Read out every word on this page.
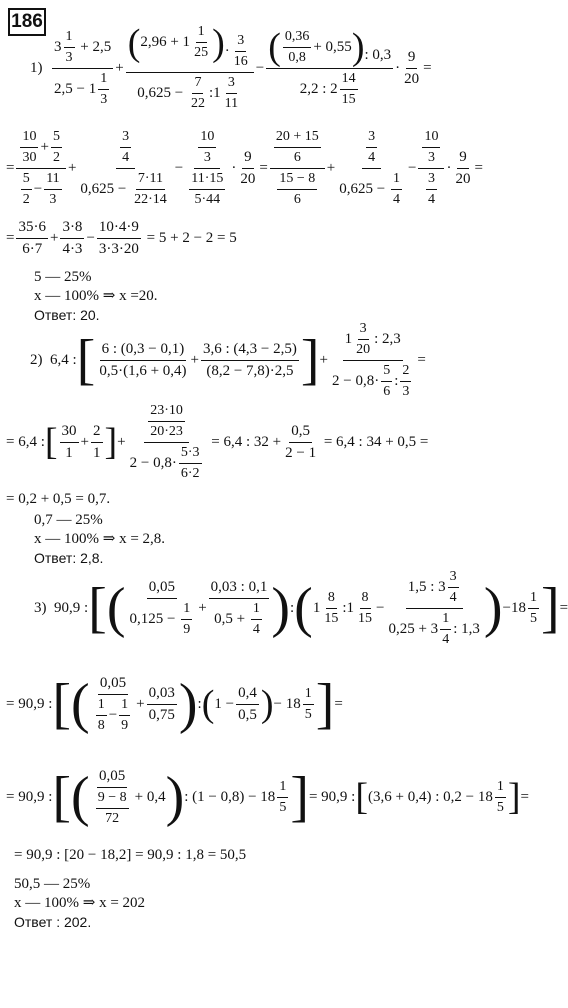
186
1)
$3 \frac{1}{3} + 2,5$
$2,5 - 1 \frac{1}{3}$
+ ( 2,96 + 1
1
25 ) · $\frac{3}{16}$
$0,625 - \frac{7}{22}$ :1 $\frac{3}{11}$ − ( 0,36
0,8
+ 0,55 ) : 0,3
2,2 : $2 \frac{14}{15} \cdot \frac{9}{20}$ =
= $\frac{\frac{10}{30} + \frac{5}{2}}{\frac{5}{2} - \frac{11}{3}} + \frac{\frac{3}{4}}{0,625 - \frac{7\cdot 11}{22\cdot 14}} - \frac{\frac{10}{3}}{\frac{11\cdot 15}{5\cdot 44}} \cdot \frac{9}{20} = \frac{\frac{20 + 15}{6}}{\frac{15 - 8}{6}} + \frac{\frac{3}{4}}{0,625 - \frac{1}{4}} - \frac{\frac{10}{3}}{\frac{3}{4}} \cdot \frac{9}{20}$ =
= $\frac{35\cdot 6}{6\cdot 7} + \frac{3\cdot 8}{4\cdot 3} - \frac{10\cdot 4\cdot 9}{3\cdot 3\cdot 20} = 5 + 2 - 2 = 5$
5 — 25%
x — 100% ⇒ x =20.
Ответ: 20.
2)  6,4 : [ 6 : (0,3 − 0,1)
0,5·(1,6 + 0,4)
+ $\frac{3,6 : (4,3 - 2,5)}{(8,2 - 7,8)\cdot 2,5}$ ] + $\frac{1 \frac{3}{20} : 2,3}{2 - 0,8\cdot \frac{5}{6} : \frac{2}{3}}$ =
= 6,4 : [ 30
1
+ $\frac{2}{1}$ ] + $\frac{\frac{23\cdot 10}{20\cdot 23}}{2 - 0,8\cdot \frac{5\cdot 3}{6\cdot 2}} = 6,4$ : $32 + \frac{0,5}{2 - 1} = 6,4$ : 34 + 0,5 =
= 0,2 + 0,5 = 0,7.
0,7 — 25%
x — 100% ⇒ x = 2,8.
Ответ: 2,8.
3)  90,9 : [ ( 0,05
$0,125 - \frac{1}{9} + \frac{0,03 : 0,1}{0,5 + \frac{1}{4}}$ ) : ( $1 \frac{8}{15}$ :1 $\frac{8}{15} - \frac{1,5 : 3 \frac{3}{4}}{0,25 + 3 \frac{1}{4} : 1,3}$ ) $-18 \frac{1}{5}$ ] =
= 90,9 : [ ( 0,05
$\frac{1}{8} - \frac{1}{9} + \frac{0,03}{0,75}$ ) : ( $1 - \frac{0,4}{0,5}$ ) − $18 \frac{1}{5}$ ] =
= 90,9 : [ ( 0,05
$\frac{9 - 8}{72} + 0,4$ ) : $(1 - 0,8) - 18 \frac{1}{5}$ ] = 90,9 : [ (3,6 + 0,4) : $0,2 - 18 \frac{1}{5}$ ] =
= 90,9 : [20 − 18,2] = 90,9 : 1,8 = 50,5
50,5 — 25%
x — 100% ⇒ x = 202
Ответ : 202.
1) (3⅓ + 2,5)/(2,5 − 1⅓) + ((2,96 + 1 1/25)·3/16)/(0,625 − 7/22 : 1 3/11) − ((0,36/0,8 + 0,55) : 0,3)/(2,2 : 2 14/15) · 9/20 =
= (10/30 + 5/2)/(5/2 − 11/3) + (3/4)/(0,625 − 7·11/(22·14)) − (10/3)/(11·15/(5·44)) · 9/20 = ((20 + 15)/6)/((15 − 8)/6) + (3/4)/(0,625 − 1/4) − (10/3)/(3/4) · 9/20 =
= 35·6/(6·7) + 3·8/(4·3) − 10·4·9/(3·3·20) = 5 + 2 − 2 = 5
2) 6,4 : [6 : (0,3 − 0,1)/(0,5·(1,6 + 0,4)) + 3,6 : (4,3 − 2,5)/((8,2 − 7,8)·2,5)] + (1 3/20 : 2,3)/(2 − 0,8 · 5/6 : 2/3) =
= 6,4 : [30/1 + 2/1] + (23·10/(20·23))/(2 − 0,8·5·3/(6·2)) = 6,4 : 32 + 0,5/(2 − 1) = 6,4 : 34 + 0,5 =
3) 90,9 : [(0,05/(0,125 − 1/9) + 0,03 : 0,1/(0,5 + 1/4)) : (1 8/15 : 1 8/15 − 1,5 : 3 3/4/(0,25 + 3 1/4 : 1,3)) − 18 1/5] =
= 90,9 : [(0,05/(1/8 − 1/9) + 0,03/0,75) : (1 − 0,4/0,5) − 18 1/5] =
= 90,9 : [(0,05/((9 − 8)/72) + 0,4) : (1 − 0,8) − 18 1/5] = 90,9 : [(3,6 + 0,4) : 0,2 − 18 1/5] =
